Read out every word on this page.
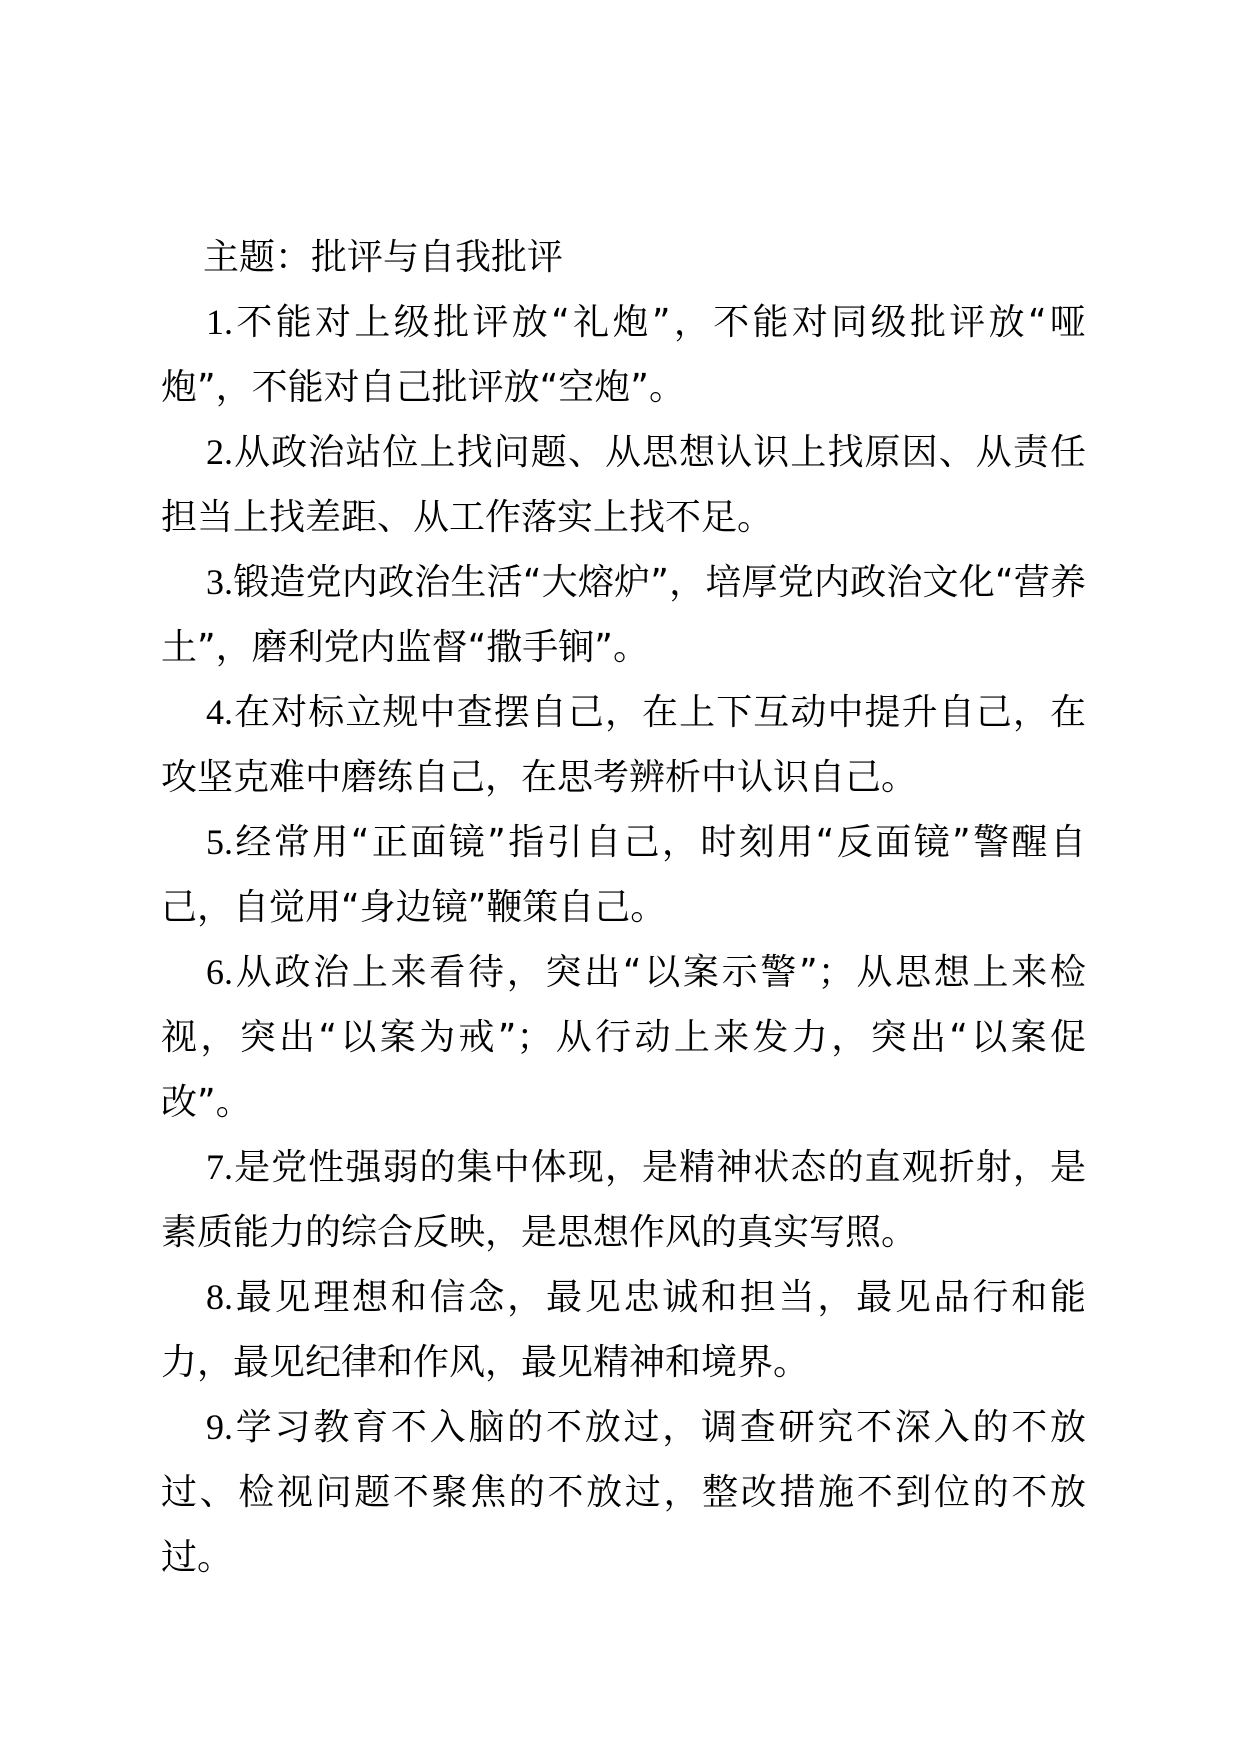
主题：批评与自我批评

1.不能对上级批评放“礼炮”，不能对同级批评放“哑炮”，不能对自己批评放“空炮”。

2.从政治站位上找问题、从思想认识上找原因、从责任担当上找差距、从工作落实上找不足。

3.锻造党内政治生活“大熔炉”，培厚党内政治文化“营养土”，磨利党内监督“撒手锏”。

4.在对标立规中查摆自己，在上下互动中提升自己，在攻坚克难中磨练自己，在思考辨析中认识自己。

5.经常用“正面镜”指引自己，时刻用“反面镜”警醒自己，自觉用“身边镜”鞭策自己。

6.从政治上来看待，突出“以案示警”；从思想上来检视，突出“以案为戒”；从行动上来发力，突出“以案促改”。

7.是党性强弱的集中体现，是精神状态的直观折射，是素质能力的综合反映，是思想作风的真实写照。

8.最见理想和信念，最见忠诚和担当，最见品行和能力，最见纪律和作风，最见精神和境界。

9.学习教育不入脑的不放过，调查研究不深入的不放过、检视问题不聚焦的不放过，整改措施不到位的不放过。
